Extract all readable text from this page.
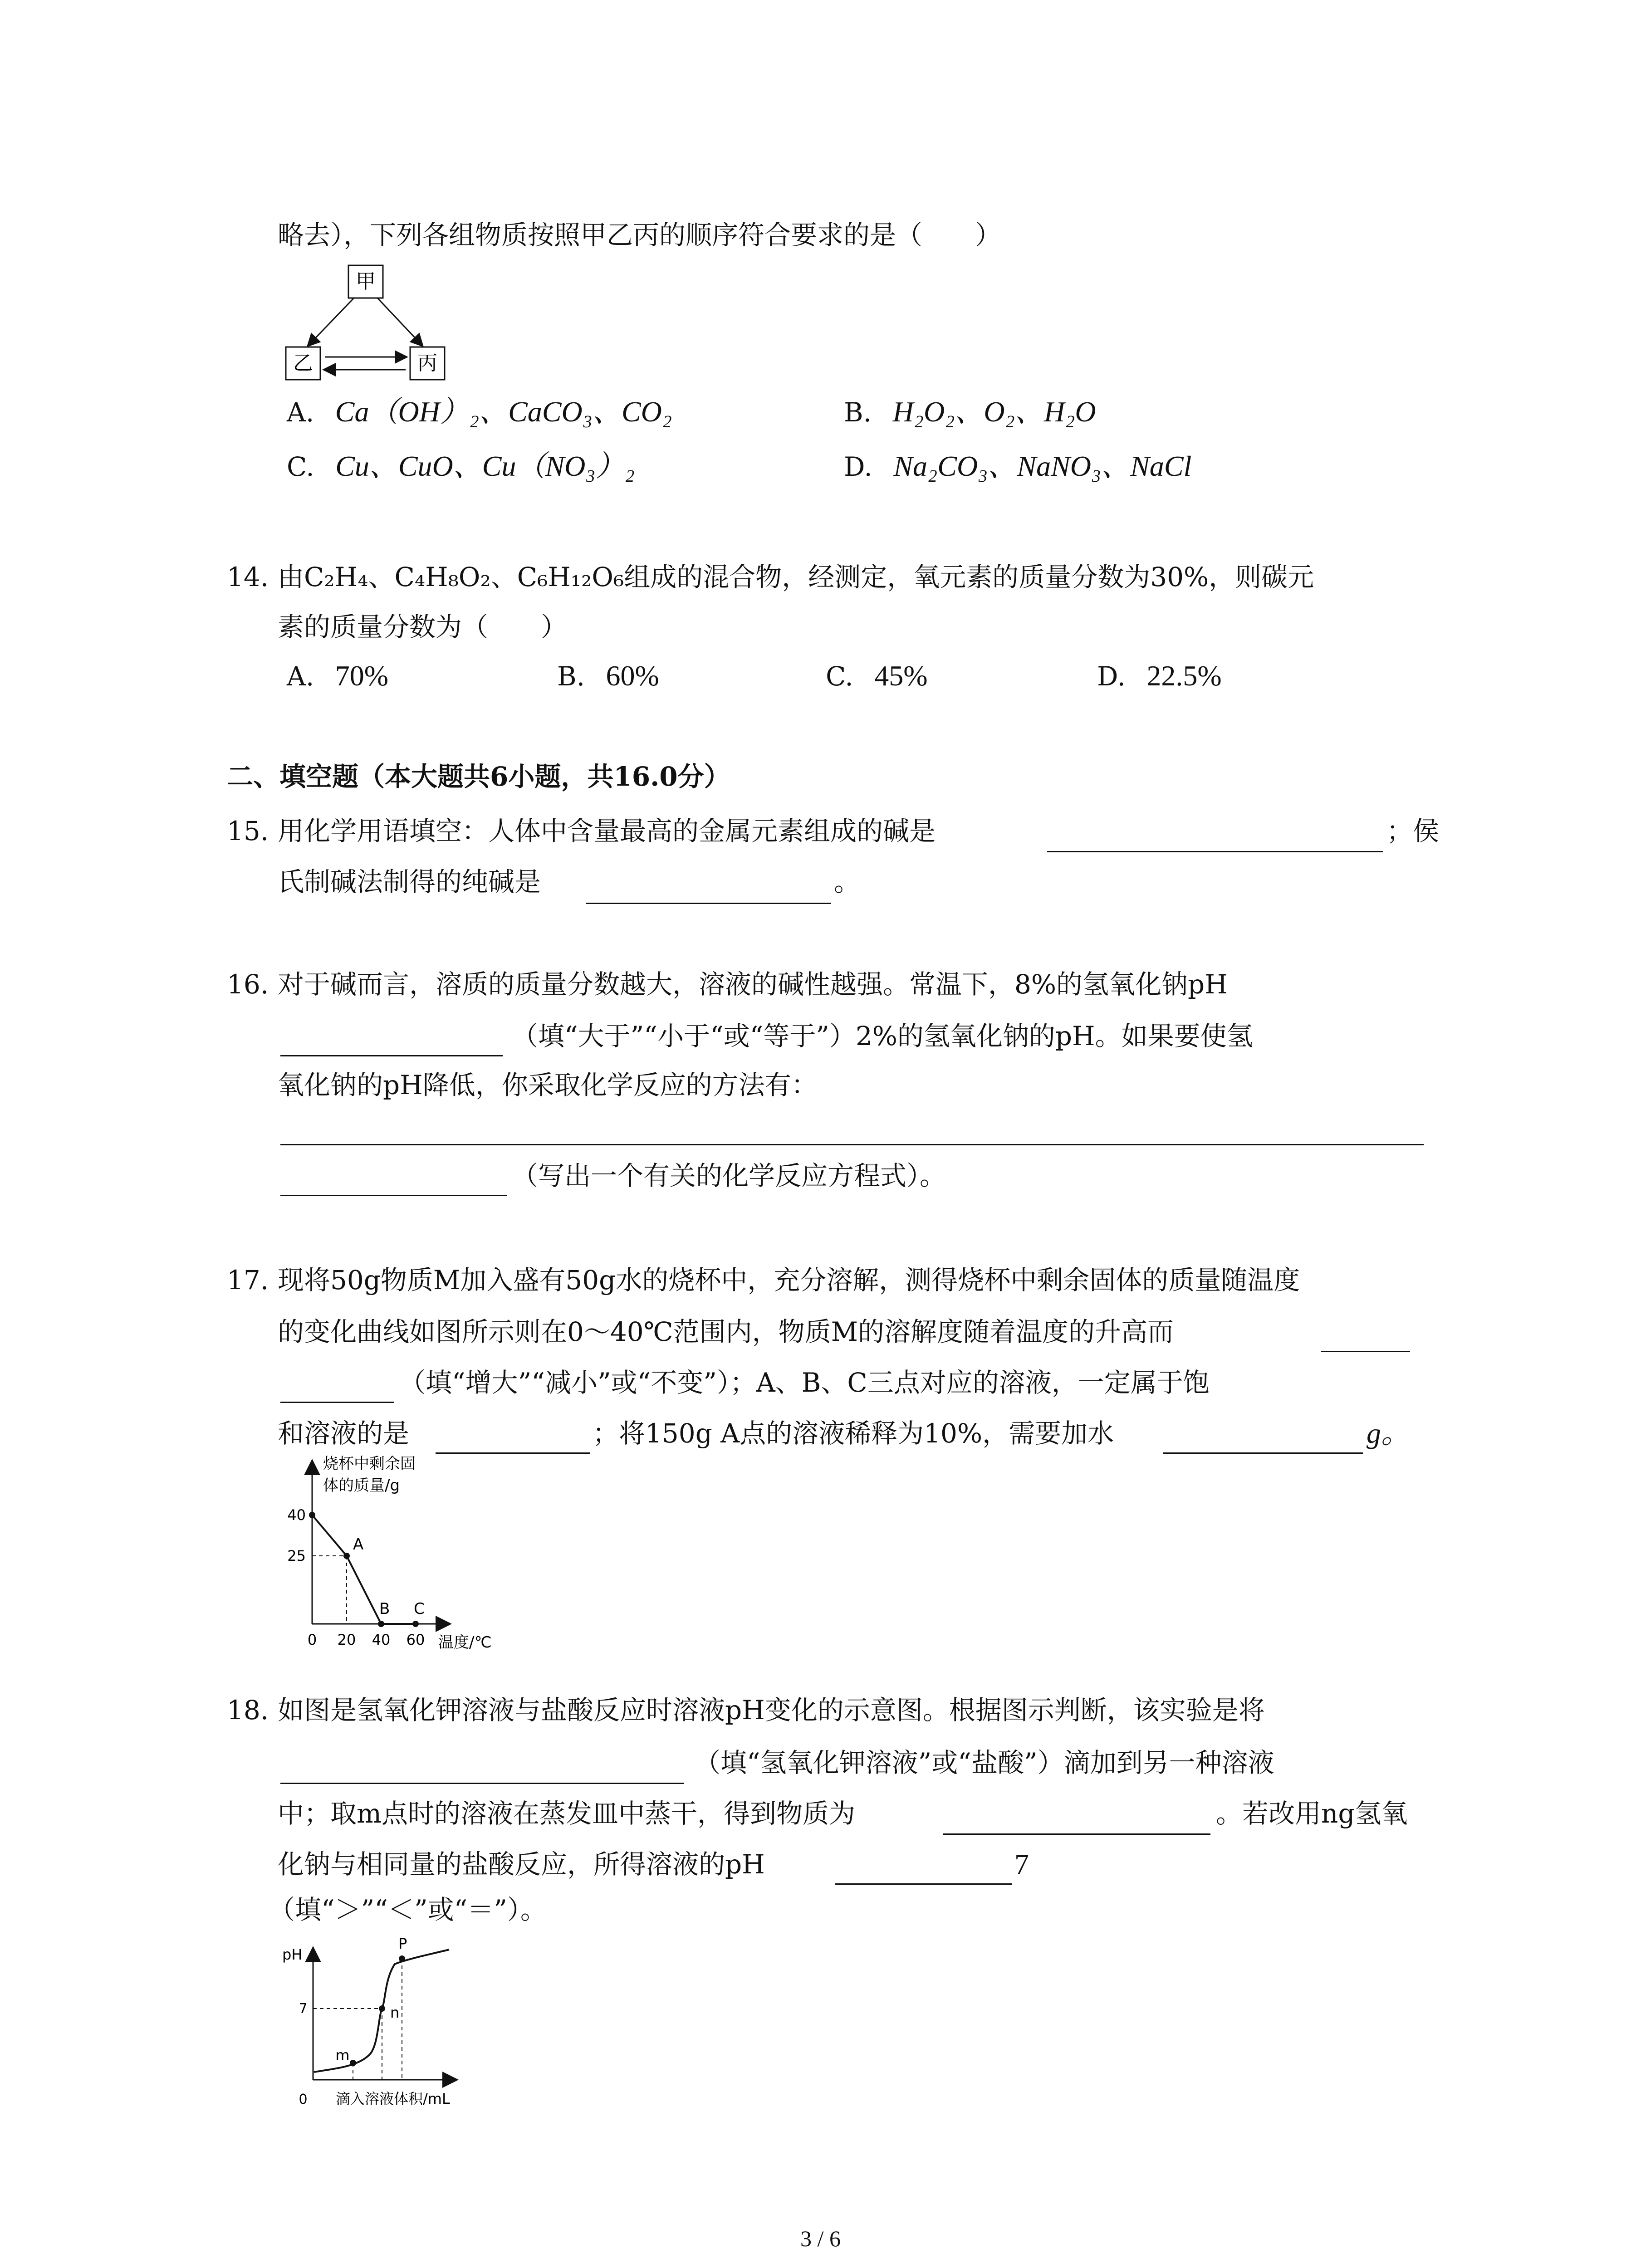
略去），下列各组物质按照甲乙丙的顺序符合要求的是（　　）
甲
乙	丙
A. Ca（OH）₂、CaCO₃、CO₂	B. H₂O₂、O₂、H₂O
C. Cu、CuO、Cu（NO₃）₂	D. Na₂CO₃、NaNO₃、NaCl
14. 由C₂H₄、C₄H₈O₂、C₆H₁₂O₆组成的混合物，经测定，氧元素的质量分数为30%，则碳元
素的质量分数为（　　）
A. 70%	B. 60%	C. 45%	D. 22.5%
二、填空题（本大题共6小题，共16.0分）
15. 用化学用语填空：人体中含量最高的金属元素组成的碱是	；侯
氏制碱法制得的纯碱是	。
16. 对于碱而言，溶质的质量分数越大，溶液的碱性越强。常温下，8%的氢氧化钠pH
（填“大于”“小于“或“等于”）2%的氢氧化钠的pH。如果要使氢
氧化钠的pH降低，你采取化学反应的方法有：
（写出一个有关的化学反应方程式）。
17. 现将50g物质M加入盛有50g水的烧杯中，充分溶解，测得烧杯中剩余固体的质量随温度
的变化曲线如图所示则在0～40℃范围内，物质M的溶解度随着温度的升高而
（填“增大”“减小”或“不变”）；A、B、C三点对应的溶液，一定属于饱
和溶液的是	；将150g A点的溶液稀释为10%，需要加水	g。
烧杯中剩余固
体的质量/g
温度/℃
A
B C
0 20 40 60
40
25
18. 如图是氢氧化钾溶液与盐酸反应时溶液pH变化的示意图。根据图示判断，该实验是将
（填“氢氧化钾溶液”或“盐酸”）滴加到另一种溶液
中；取m点时的溶液在蒸发皿中蒸干，得到物质为	。若改用ng氢氧
化钠与相同量的盐酸反应，所得溶液的pH	7
（填“＞”“＜”或“＝”）。
pH
0 滴入溶液体积/mL
7
m
n
P
3 / 6
